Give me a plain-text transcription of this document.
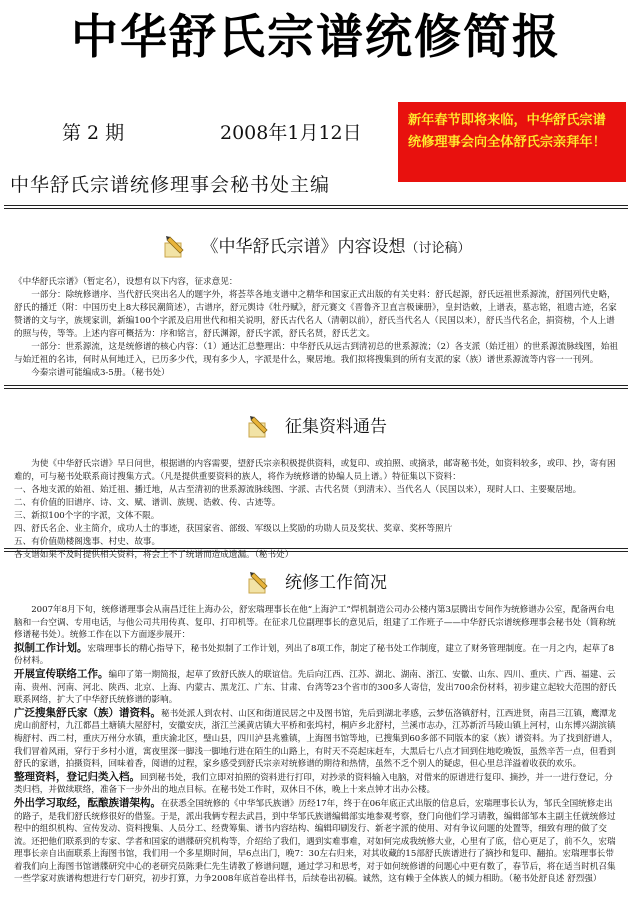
中华舒氏宗谱统修简报
第 2 期	2008年1月12日
中华舒氏宗谱统修理事会秘书处主编
新年春节即将来临，中华舒氏宗谱统修理事会向全体舒氏宗亲拜年！
《中华舒氏宗谱》内容设想（讨论稿）

《中华舒氏宗谱》（暂定名），设想有以下内容，征求意见：

一部分：除统修谱序、当代舒氏突出名人的题字外，将荟萃各地支谱中之精华和国家正式出版的有关史料：舒氏起源，舒氏远祖世系源流，舒国列代史略，舒氏的播迁（附：中国历史上8大移民潮简述），古谱序，舒元舆诗《牡丹赋》，舒元赛文《晋鲁齐卫直言极谏册》，皇封诰敕，上谱表，墓志铭，祖遗古迹，名家赞谱的文与字，族规家训，新编100个字派及启用世代和相关说明，舒氏古代名人（清朝以前），舒氏当代名人（民国以来），舒氏当代名企，捐资榜，个人上谱的照与传，等等。上述内容可概括为：序和铭言，舒氏渊源，舒氏字派，舒氏名贤，舒氏艺文。

一部分：世系源流，这是统修谱的核心内容：（1）通达汇总整理出：中华舒氏从远古到清初总的世系源流；（2）各支派（始迁祖）的世系源流脉线图，始祖与始迁祖的名讳，何时从何地迁入，已历多少代，现有多少人，字派是什么，聚居地。我们拟将搜集到的所有支派的家（族）谱世系源流等内容一一刊列。

今秦宗谱可能编成3-5册。（秘书处）

征集资料通告

为使《中华舒氏宗谱》早日问世，根据谱的内容需要，望舒氏宗亲积极提供资料，或复印、或拍照、或摘录，邮寄秘书处，如资料较多，或印、抄，寄有困难的，可与秘书处联系商讨搜集方式。（凡是提供重要资料的族人，将作为统修谱的协编人员上谱。）特征集以下资料：

一、各地支派的始祖、始迁祖、播迁地，从古至清初的世系源流脉线图、字派、古代名贤（到清末）、当代名人（民国以来），现时人口、主要聚居地。

二、有价值的旧谱序、诗、文、赋、谱训、族规、诰敕、传、古迹等。

三、新拟100个字的字派，文体不限。

四、舒氏名企、业主简介，成功人士的事迹，获国家省、部级、军级以上奖励的功勋人员及奖状、奖章、奖杯等照片

五、有价值勋楼阁逸事、村史、故事。

各支谱如果不及时提供相关资料，将会上不了统谱而造成遗漏。（秘书处）

统修工作简况

2007年8月下旬，统修谱理事会从南昌迁往上海办公，舒宏瑞理事长在他“上海沪工”焊机制造公司办公楼内第3层腾出专间作为统修谱办公室，配备两台电脑和一台空调、专用电话，与他公司共用传真、复印、打印机等。在征求几位副理事长的意见后，组建了工作班子——中华舒氏宗谱统修理事会秘书处（简称统修谱秘书处）。统修工作在以下方面逐步展开：

拟制工作计划。宏瑞理事长的精心指导下，秘书处拟制了工作计划，列出了8项工作，制定了秘书处工作制度，建立了财务管理制度。在一月之内，起草了8份材料。

开展宣传联络工作。编印了第一期简报，起草了致舒氏族人的联谊信。先后向江西、江苏、湖北、湖南、浙江、安徽、山东、四川、重庆、广西、福建、云南、贵州、河南、河北、陕西、北京、上海、内蒙古、黑龙江、广东、甘肃、台湾等23个省市的300多人寄信，发出700余份材料，初步建立起较大范围的舒氏联系网络，扩大了中华舒氏统修谱的影响。

广泛搜集舒氏家（族）谱资料。秘书处派人到农村、山区和街道民居之中及图书馆，先后到湖北孝感，云梦伍洛镇舒村，江西进贤，南昌三江镇，鹰潭龙虎山前舒村，九江都昌土塘镇大屋舒村，安徽安庆，浙江兰溪黄店镇大平桥和张坞村，桐庐乡北舒村，兰溪市志办，江苏新沂马陵山镇上河村，山东博兴湖滨镇梅舒村、西二村，重庆万州分水镇，重庆渝北区，璧山县，四川泸县兆雅镇，上海图书馆等地，已搜集到60多部不同版本的家（族）谱资料。为了找到舒谱人，我们冒着风雨，穿行于乡村小道，寓夜里深一脚浅一脚地行进在陌生的山路上，有时天不亮起床赶车，大黑后七八点才回到住地吃晚饭，虽然辛苦一点，但看到舒氏的家谱，拍摄资料，回味着香，阅谱的过程，家乡感受到舒氏宗亲对统修谱的期待和热情，虽然不乏个别人的疑虑，但心里总洋溢着收获的欢乐。

整理资料，登记归类入档。回到秘书处，我们立即对拍照的资料进行打印，对抄录的资料输入电脑，对借来的原谱进行复印、摘抄，并一一进行登记，分类归档，并做续联络，准备下一步外出的地点目标。在秘书处工作时，双休日不休，晚上十来点钟才出办公楼。

外出学习取经，酝酿族谱架构。在获悉全国统修的《中华邹氏族谱》历经17年，终于在06年底正式出版的信息后，宏瑞理事长认为，邹氏全国统修走出的路子，是我们舒氏统修很好的借鉴。于是，派出我俩专程去武昌，到中华邹氏族谱编辑部实地参观考察，登门向他们学习请教，编辑部邹本主副主任就统修过程中的组织机构、宣传发动、资料搜集、人员分工、经费筹集、谱书内容结构、编辑印刷发行、新老字派的使用、对有争议问题的处置等，细致有理的做了交流。还把他们联系到的专家、学者和国家的谱牒研究机构等，介绍给了我们，遇到实难事难，对如何完成我统修大业，心里有了底，信心更足了，前不久，宏瑞理事长亲自出面联系上海图书馆，我们用一个多星期时间，早6点出门，晚7：30左右归来，对其收藏的15部舒氏族谱进行了摘抄和复印、翻拍。宏瑞理事长带着我们向上海图书馆谱牒研究中心的老研究员陈秉仁先生请教了修谱问题，通过学习和思考，对于如何统修谱的问题心中更有数了，春节后，将在适当时机召集一些学家对族谱构想进行专门研究，初步打算，力争2008年底首卷出样书，后续卷出初稿。诚然，这有赖于全体族人的倾力相助。（秘书处舒良述 舒烈强）
